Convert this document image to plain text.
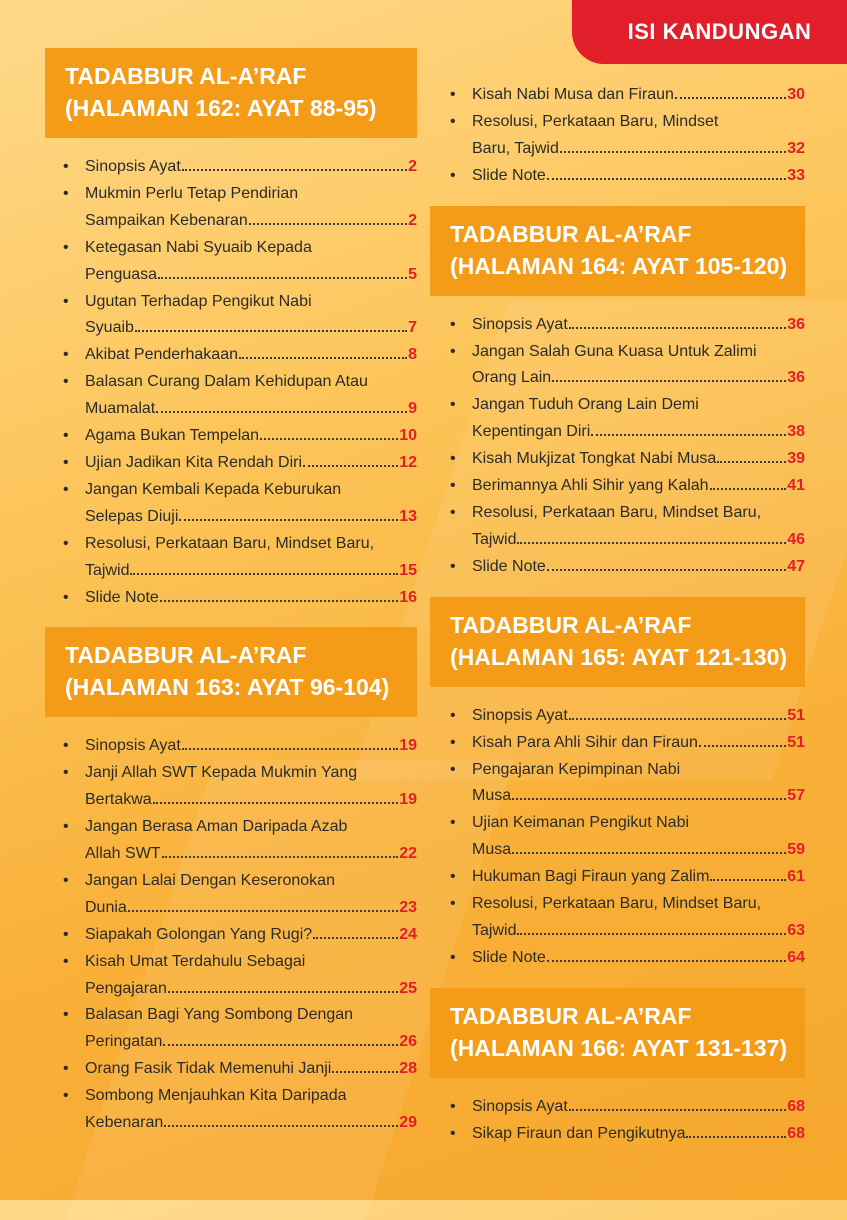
ISI KANDUNGAN
TADABBUR AL-A’RAF
(HALAMAN 162: AYAT 88-95)
•	Sinopsis Ayat	2
•	Mukmin Perlu Tetap Pendirian
Sampaikan Kebenaran	2
•	Ketegasan Nabi Syuaib Kepada
Penguasa	5
•	Ugutan Terhadap Pengikut Nabi
Syuaib	7
•	Akibat Penderhakaan	8
•	Balasan Curang Dalam Kehidupan Atau
Muamalat	9
•	Agama Bukan Tempelan	10
•	Ujian Jadikan Kita Rendah Diri	12
•	Jangan Kembali Kepada Keburukan
Selepas Diuji	13
•	Resolusi, Perkataan Baru, Mindset Baru,
Tajwid	15
•	Slide Note	16
TADABBUR AL-A’RAF
(HALAMAN 163: AYAT 96-104)
•	Sinopsis Ayat	19
•	Janji Allah SWT Kepada Mukmin Yang
Bertakwa	19
•	Jangan Berasa Aman Daripada Azab
Allah SWT	22
•	Jangan Lalai Dengan Keseronokan
Dunia	23
•	Siapakah Golongan Yang Rugi?	24
•	Kisah Umat Terdahulu Sebagai
Pengajaran	25
•	Balasan Bagi Yang Sombong Dengan
Peringatan	26
•	Orang Fasik Tidak Memenuhi Janji	28
•	Sombong Menjauhkan Kita Daripada
Kebenaran	29
•	Kisah Nabi Musa dan Firaun	30
•	Resolusi, Perkataan Baru, Mindset
Baru, Tajwid	32
•	Slide Note	33
TADABBUR AL-A’RAF
(HALAMAN 164: AYAT 105-120)
•	Sinopsis Ayat	36
•	Jangan Salah Guna Kuasa Untuk Zalimi
Orang Lain	36
•	Jangan Tuduh Orang Lain Demi
Kepentingan Diri	38
•	Kisah Mukjizat Tongkat Nabi Musa	39
•	Berimannya Ahli Sihir yang Kalah	41
•	Resolusi, Perkataan Baru, Mindset Baru,
Tajwid	46
•	Slide Note	47
TADABBUR AL-A’RAF
(HALAMAN 165: AYAT 121-130)
•	Sinopsis Ayat	51
•	Kisah Para Ahli Sihir dan Firaun	51
•	Pengajaran Kepimpinan Nabi
Musa	57
•	Ujian Keimanan Pengikut Nabi
Musa	59
•	Hukuman Bagi Firaun yang Zalim	61
•	Resolusi, Perkataan Baru, Mindset Baru,
Tajwid	63
•	Slide Note	64
TADABBUR AL-A’RAF
(HALAMAN 166: AYAT 131-137)
•	Sinopsis Ayat	68
•	Sikap Firaun dan Pengikutnya	68
